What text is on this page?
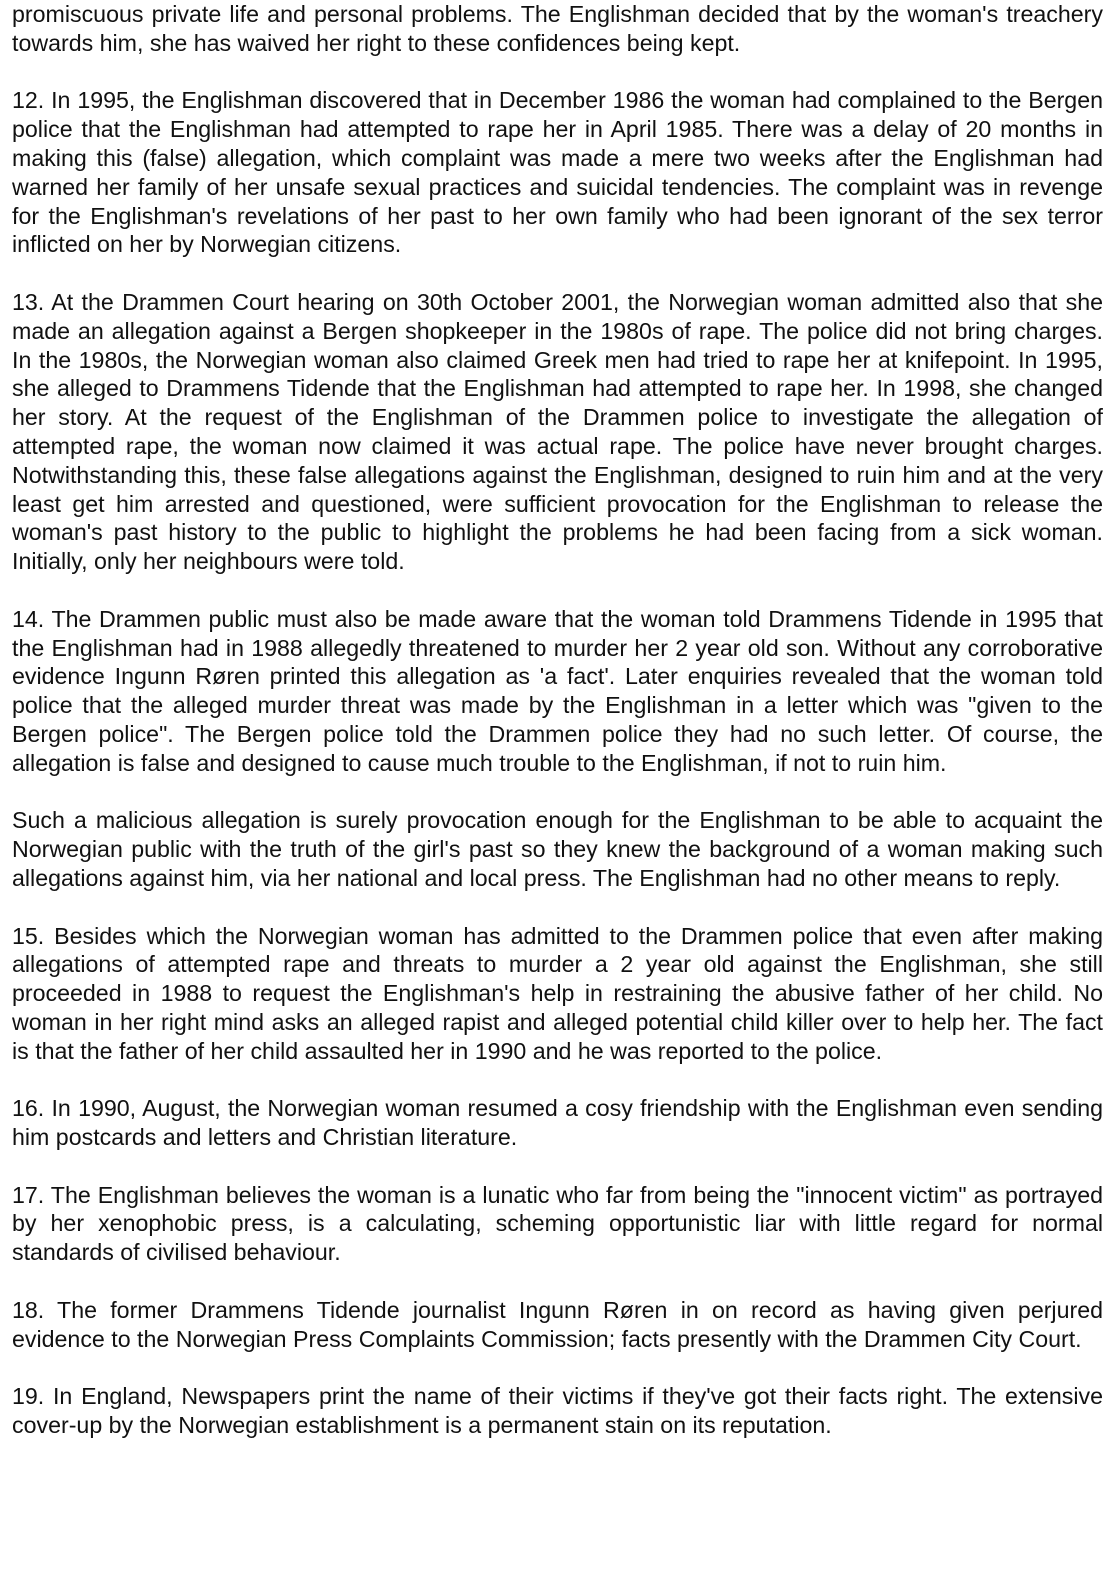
promiscuous private life and personal problems. The Englishman decided that by the woman's treachery towards him, she has waived her right to these confidences being kept.

12. In 1995, the Englishman discovered that in December 1986 the woman had complained to the Bergen police that the Englishman had attempted to rape her in April 1985. There was a delay of 20 months in making this (false) allegation, which complaint was made a mere two weeks after the Englishman had warned her family of her unsafe sexual practices and suicidal tendencies. The complaint was in revenge for the Englishman's revelations of her past to her own family who had been ignorant of the sex terror inflicted on her by Norwegian citizens.

13. At the Drammen Court hearing on 30th October 2001, the Norwegian woman admitted also that she made an allegation against a Bergen shopkeeper in the 1980s of rape. The police did not bring charges. In the 1980s, the Norwegian woman also claimed Greek men had tried to rape her at knifepoint. In 1995, she alleged to Drammens Tidende that the Englishman had attempted to rape her. In 1998, she changed her story. At the request of the Englishman of the Drammen police to investigate the allegation of attempted rape, the woman now claimed it was actual rape. The police have never brought charges. Notwithstanding this, these false allegations against the Englishman, designed to ruin him and at the very least get him arrested and questioned, were sufficient provocation for the Englishman to release the woman's past history to the public to highlight the problems he had been facing from a sick woman. Initially, only her neighbours were told.

14. The Drammen public must also be made aware that the woman told Drammens Tidende in 1995 that the Englishman had in 1988 allegedly threatened to murder her 2 year old son. Without any corroborative evidence Ingunn Røren printed this allegation as 'a fact'. Later enquiries revealed that the woman told police that the alleged murder threat was made by the Englishman in a letter which was "given to the Bergen police". The Bergen police told the Drammen police they had no such letter. Of course, the allegation is false and designed to cause much trouble to the Englishman, if not to ruin him.

Such a malicious allegation is surely provocation enough for the Englishman to be able to acquaint the Norwegian public with the truth of the girl's past so they knew the background of a woman making such allegations against him, via her national and local press. The Englishman had no other means to reply.

15. Besides which the Norwegian woman has admitted to the Drammen police that even after making allegations of attempted rape and threats to murder a 2 year old against the Englishman, she still proceeded in 1988 to request the Englishman's help in restraining the abusive father of her child. No woman in her right mind asks an alleged rapist and alleged potential child killer over to help her. The fact is that the father of her child assaulted her in 1990 and he was reported to the police.

16. In 1990, August, the Norwegian woman resumed a cosy friendship with the Englishman even sending him postcards and letters and Christian literature.

17. The Englishman believes the woman is a lunatic who far from being the "innocent victim" as portrayed by her xenophobic press, is a calculating, scheming opportunistic liar with little regard for normal standards of civilised behaviour.

18. The former Drammens Tidende journalist Ingunn Røren in on record as having given perjured evidence to the Norwegian Press Complaints Commission; facts presently with the Drammen City Court.

19. In England, Newspapers print the name of their victims if they've got their facts right. The extensive cover-up by the Norwegian establishment is a permanent stain on its reputation.
